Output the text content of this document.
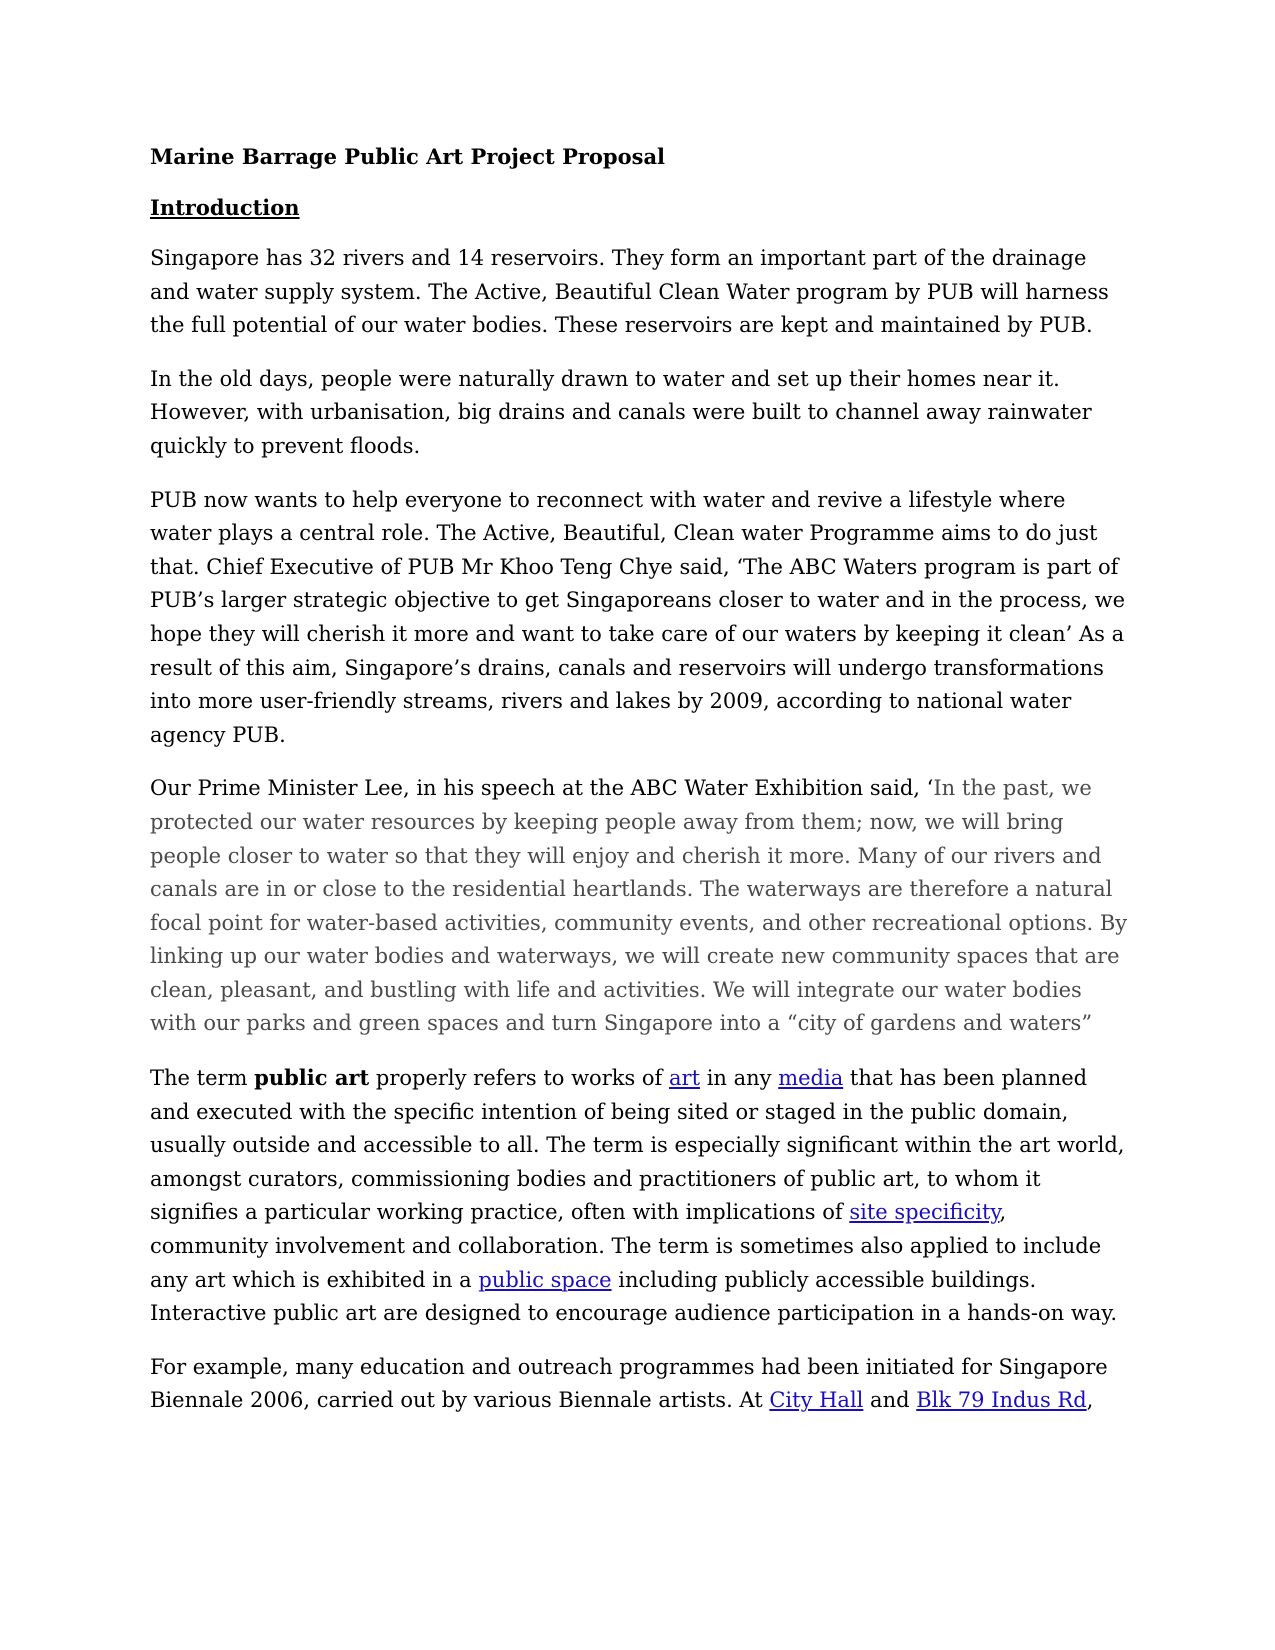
Marine Barrage Public Art Project Proposal
Introduction

Singapore has 32 rivers and 14 reservoirs. They form an important part of the drainage and water supply system. The Active, Beautiful Clean Water program by PUB will harness the full potential of our water bodies. These reservoirs are kept and maintained by PUB.

In the old days, people were naturally drawn to water and set up their homes near it. However, with urbanisation, big drains and canals were built to channel away rainwater quickly to prevent floods.

PUB now wants to help everyone to reconnect with water and revive a lifestyle where water plays a central role. The Active, Beautiful, Clean water Programme aims to do just that. Chief Executive of PUB Mr Khoo Teng Chye said, ‘The ABC Waters program is part of PUB’s larger strategic objective to get Singaporeans closer to water and in the process, we hope they will cherish it more and want to take care of our waters by keeping it clean’ As a result of this aim, Singapore’s drains, canals and reservoirs will undergo transformations into more user-friendly streams, rivers and lakes by 2009, according to national water agency PUB.

Our Prime Minister Lee, in his speech at the ABC Water Exhibition said, ‘In the past, we protected our water resources by keeping people away from them; now, we will bring people closer to water so that they will enjoy and cherish it more. Many of our rivers and canals are in or close to the residential heartlands. The waterways are therefore a natural focal point for water-based activities, community events, and other recreational options. By linking up our water bodies and waterways, we will create new community spaces that are clean, pleasant, and bustling with life and activities. We will integrate our water bodies with our parks and green spaces and turn Singapore into a “city of gardens and waters”

The term public art properly refers to works of art in any media that has been planned and executed with the specific intention of being sited or staged in the public domain, usually outside and accessible to all. The term is especially significant within the art world, amongst curators, commissioning bodies and practitioners of public art, to whom it signifies a particular working practice, often with implications of site specificity, community involvement and collaboration. The term is sometimes also applied to include any art which is exhibited in a public space including publicly accessible buildings. Interactive public art are designed to encourage audience participation in a hands-on way.

For example, many education and outreach programmes had been initiated for Singapore Biennale 2006, carried out by various Biennale artists. At City Hall and Blk 79 Indus Rd,
